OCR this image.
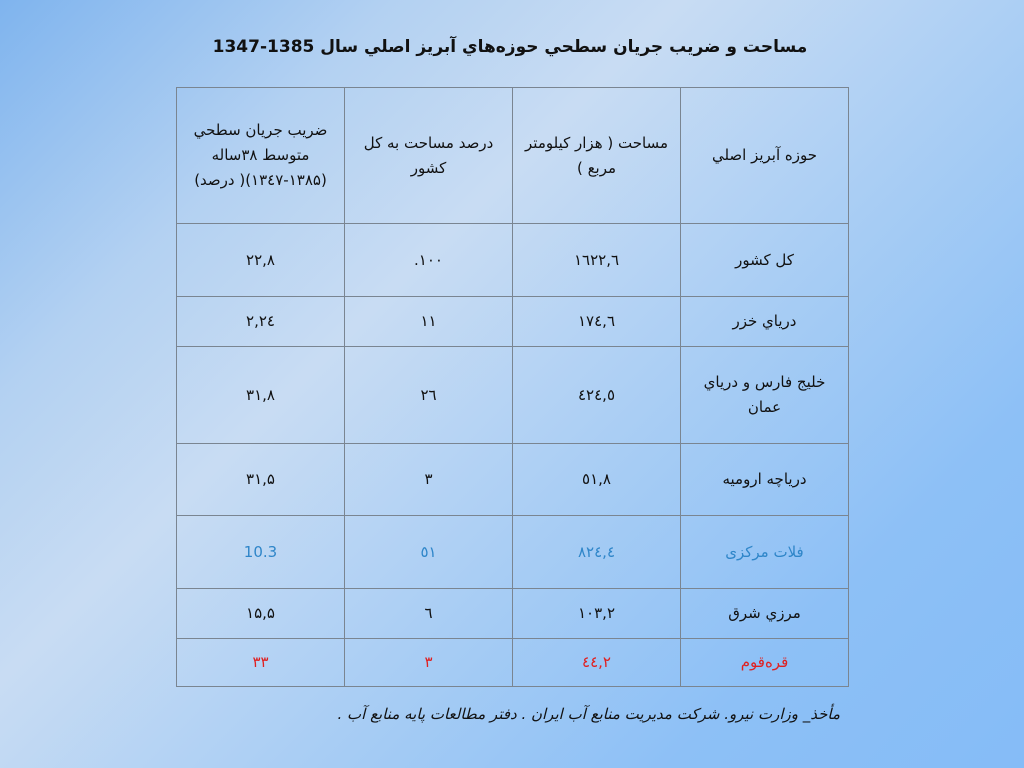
مساحت و ضريب جريان سطحي حوزه‌هاي آبريز اصلي سال 1385-1347
حوزه آبريز اصلي	مساحت ( هزار كيلومتر مربع )	درصد مساحت به كل كشور	ضريب جريان سطحي متوسط ۳۸ساله (۱۳۸۵-۱۳٤۷)( درصد)
كل كشور	١٦٢٢,٦	١٠٠.	۲۲,۸
درياي خزر	١٧٤,٦	١١	۲٤,۲
خليج فارس و درياي عمان	٤٢٤,٥	٢٦	۳۱,۸
درياچه اروميه	٥١,٨	٣	۳۱,۵
فلات مركزی	٨٢٤,٤	٥١	10.3
مرزي شرق	١٠٣,٢	٦	۱۵,۵
قره‌قوم	٤٤,٢	٣	۳۳
مأخذ_ وزارت نيرو. شركت مديريت منابع آب ايران . دفتر مطالعات پايه منابع آب .
